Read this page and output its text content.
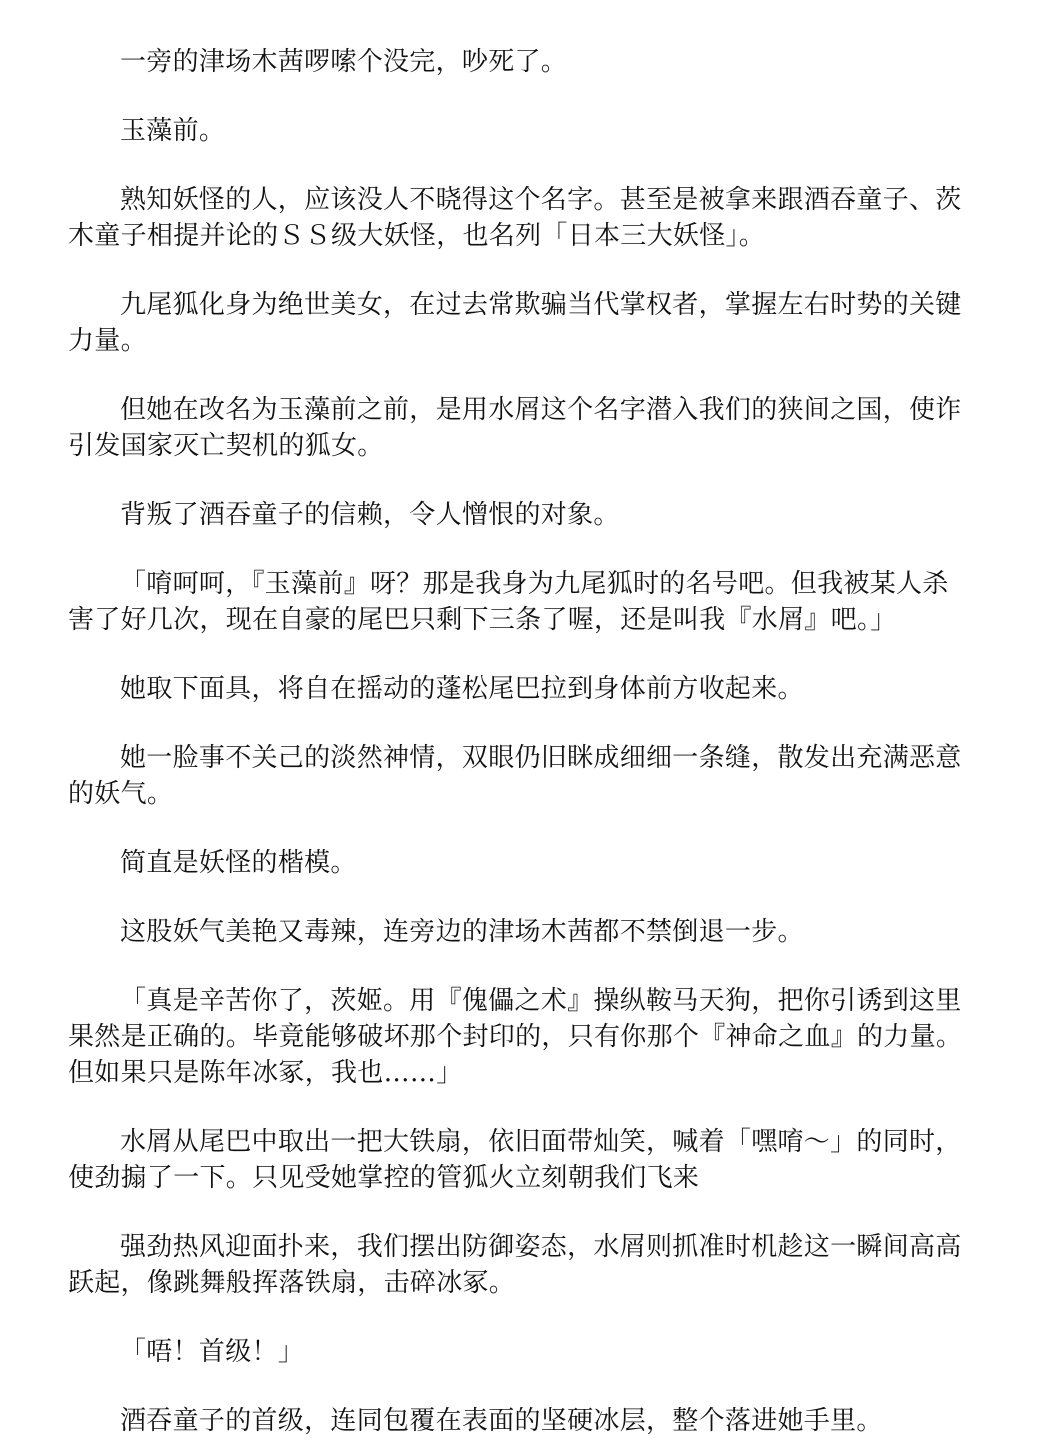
一旁的津场木茜啰嗦个没完，吵死了。

玉藻前。

熟知妖怪的人，应该没人不晓得这个名字。甚至是被拿来跟酒吞童子、茨
木童子相提并论的ＳＳ级大妖怪，也名列「日本三大妖怪」。

九尾狐化身为绝世美女，在过去常欺骗当代掌权者，掌握左右时势的关键
力量。

但她在改名为玉藻前之前，是用水屑这个名字潜入我们的狭间之国，使诈
引发国家灭亡契机的狐女。

背叛了酒吞童子的信赖，令人憎恨的对象。

「唷呵呵，『玉藻前』呀？那是我身为九尾狐时的名号吧。但我被某人杀
害了好几次，现在自豪的尾巴只剩下三条了喔，还是叫我『水屑』吧。」

她取下面具，将自在摇动的蓬松尾巴拉到身体前方收起来。

她一脸事不关己的淡然神情，双眼仍旧眯成细细一条缝，散发出充满恶意
的妖气。

简直是妖怪的楷模。

这股妖气美艳又毒辣，连旁边的津场木茜都不禁倒退一步。

「真是辛苦你了，茨姬。用『傀儡之术』操纵鞍马天狗，把你引诱到这里
果然是正确的。毕竟能够破坏那个封印的，只有你那个『神命之血』的力量。
但如果只是陈年冰冢，我也……」

水屑从尾巴中取出一把大铁扇，依旧面带灿笑，喊着「嘿唷～」的同时，
使劲搧了一下。只见受她掌控的管狐火立刻朝我们飞来

强劲热风迎面扑来，我们摆出防御姿态，水屑则抓准时机趁这一瞬间高高
跃起，像跳舞般挥落铁扇，击碎冰冢。

「唔！首级！」

酒吞童子的首级，连同包覆在表面的坚硬冰层，整个落进她手里。
